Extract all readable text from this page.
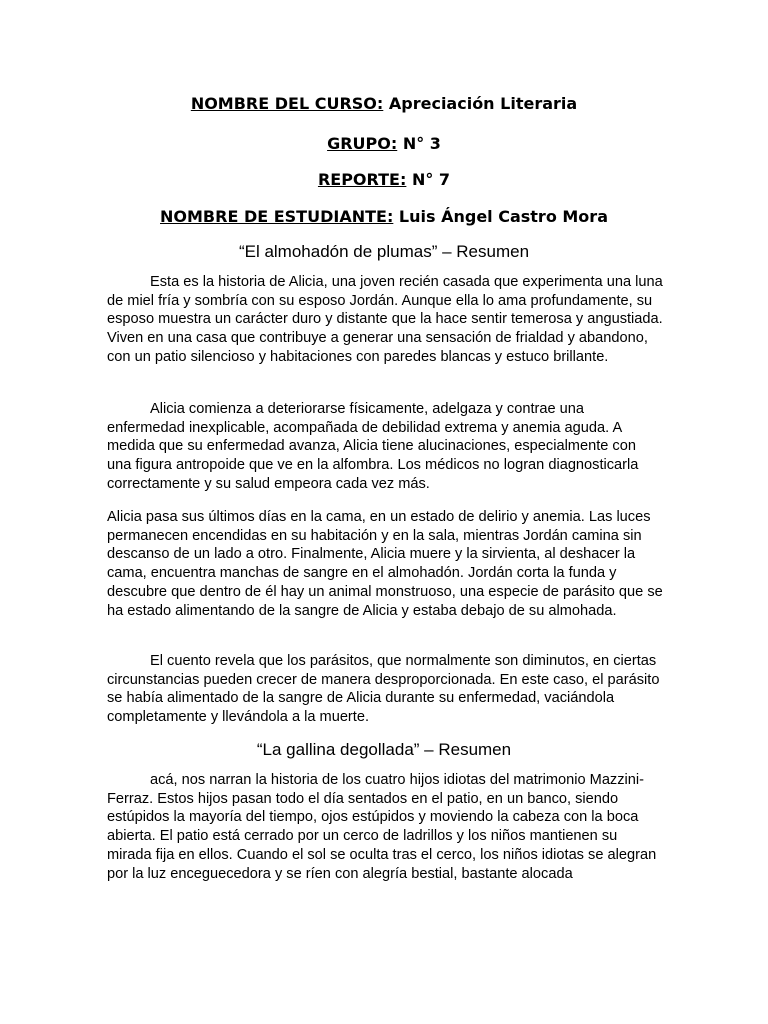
NOMBRE DEL CURSO: Apreciación Literaria
GRUPO: N° 3
REPORTE: N° 7
NOMBRE DE ESTUDIANTE: Luis Ángel Castro Mora
“El almohadón de plumas” – Resumen

Esta es la historia de Alicia, una joven recién casada que experimenta una luna de miel fría y sombría con su esposo Jordán. Aunque ella lo ama profundamente, su esposo muestra un carácter duro y distante que la hace sentir temerosa y angustiada. Viven en una casa que contribuye a generar una sensación de frialdad y abandono, con un patio silencioso y habitaciones con paredes blancas y estuco brillante.

Alicia comienza a deteriorarse físicamente, adelgaza y contrae una enfermedad inexplicable, acompañada de debilidad extrema y anemia aguda. A medida que su enfermedad avanza, Alicia tiene alucinaciones, especialmente con una figura antropoide que ve en la alfombra. Los médicos no logran diagnosticarla correctamente y su salud empeora cada vez más.

Alicia pasa sus últimos días en la cama, en un estado de delirio y anemia. Las luces permanecen encendidas en su habitación y en la sala, mientras Jordán camina sin descanso de un lado a otro. Finalmente, Alicia muere y la sirvienta, al deshacer la cama, encuentra manchas de sangre en el almohadón. Jordán corta la funda y descubre que dentro de él hay un animal monstruoso, una especie de parásito que se ha estado alimentando de la sangre de Alicia y estaba debajo de su almohada.

El cuento revela que los parásitos, que normalmente son diminutos, en ciertas circunstancias pueden crecer de manera desproporcionada. En este caso, el parásito se había alimentado de la sangre de Alicia durante su enfermedad, vaciándola completamente y llevándola a la muerte.

“La gallina degollada” – Resumen

acá, nos narran la historia de los cuatro hijos idiotas del matrimonio Mazzini-Ferraz. Estos hijos pasan todo el día sentados en el patio, en un banco, siendo estúpidos la mayoría del tiempo, ojos estúpidos y moviendo la cabeza con la boca abierta. El patio está cerrado por un cerco de ladrillos y los niños mantienen su mirada fija en ellos. Cuando el sol se oculta tras el cerco, los niños idiotas se alegran por la luz enceguecedora y se ríen con alegría bestial, bastante alocada
